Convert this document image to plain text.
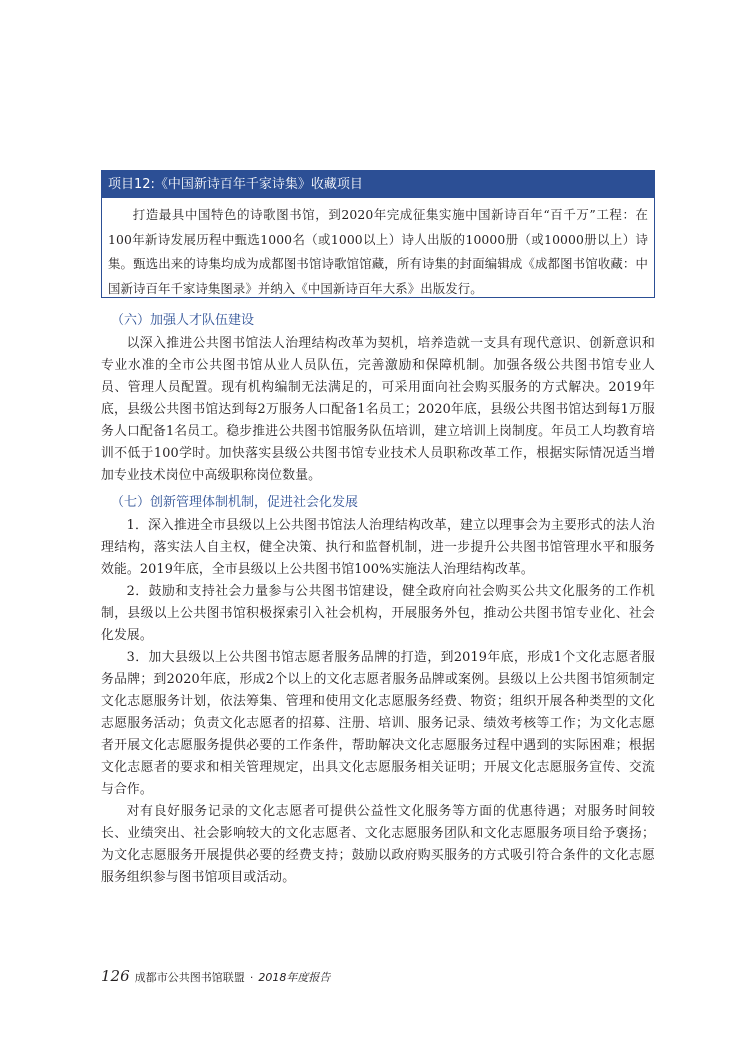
项目12:《中国新诗百年千家诗集》收藏项目

打造最具中国特色的诗歌图书馆，到2020年完成征集实施中国新诗百年“百千万”工程：在100年新诗发展历程中甄选1000名（或1000以上）诗人出版的10000册（或10000册以上）诗集。甄选出来的诗集均成为成都图书馆诗歌馆馆藏，所有诗集的封面编辑成《成都图书馆收藏：中国新诗百年千家诗集图录》并纳入《中国新诗百年大系》出版发行。

（六）加强人才队伍建设

以深入推进公共图书馆法人治理结构改革为契机，培养造就一支具有现代意识、创新意识和专业水准的全市公共图书馆从业人员队伍，完善激励和保障机制。加强各级公共图书馆专业人员、管理人员配置。现有机构编制无法满足的，可采用面向社会购买服务的方式解决。2019年底，县级公共图书馆达到每2万服务人口配备1名员工；2020年底，县级公共图书馆达到每1万服务人口配备1名员工。稳步推进公共图书馆服务队伍培训，建立培训上岗制度。年员工人均教育培训不低于100学时。加快落实县级公共图书馆专业技术人员职称改革工作，根据实际情况适当增加专业技术岗位中高级职称岗位数量。

（七）创新管理体制机制，促进社会化发展

1．深入推进全市县级以上公共图书馆法人治理结构改革，建立以理事会为主要形式的法人治理结构，落实法人自主权，健全决策、执行和监督机制，进一步提升公共图书馆管理水平和服务效能。2019年底，全市县级以上公共图书馆100%实施法人治理结构改革。

2．鼓励和支持社会力量参与公共图书馆建设，健全政府向社会购买公共文化服务的工作机制，县级以上公共图书馆积极探索引入社会机构，开展服务外包，推动公共图书馆专业化、社会化发展。

3．加大县级以上公共图书馆志愿者服务品牌的打造，到2019年底，形成1个文化志愿者服务品牌；到2020年底，形成2个以上的文化志愿者服务品牌或案例。县级以上公共图书馆须制定文化志愿服务计划，依法筹集、管理和使用文化志愿服务经费、物资；组织开展各种类型的文化志愿服务活动；负责文化志愿者的招募、注册、培训、服务记录、绩效考核等工作；为文化志愿者开展文化志愿服务提供必要的工作条件，帮助解决文化志愿服务过程中遇到的实际困难；根据文化志愿者的要求和相关管理规定，出具文化志愿服务相关证明；开展文化志愿服务宣传、交流与合作。

对有良好服务记录的文化志愿者可提供公益性文化服务等方面的优惠待遇；对服务时间较长、业绩突出、社会影响较大的文化志愿者、文化志愿服务团队和文化志愿服务项目给予褒扬；为文化志愿服务开展提供必要的经费支持；鼓励以政府购买服务的方式吸引符合条件的文化志愿服务组织参与图书馆项目或活动。

126 成都市公共图书馆联盟 · 2018年度报告
